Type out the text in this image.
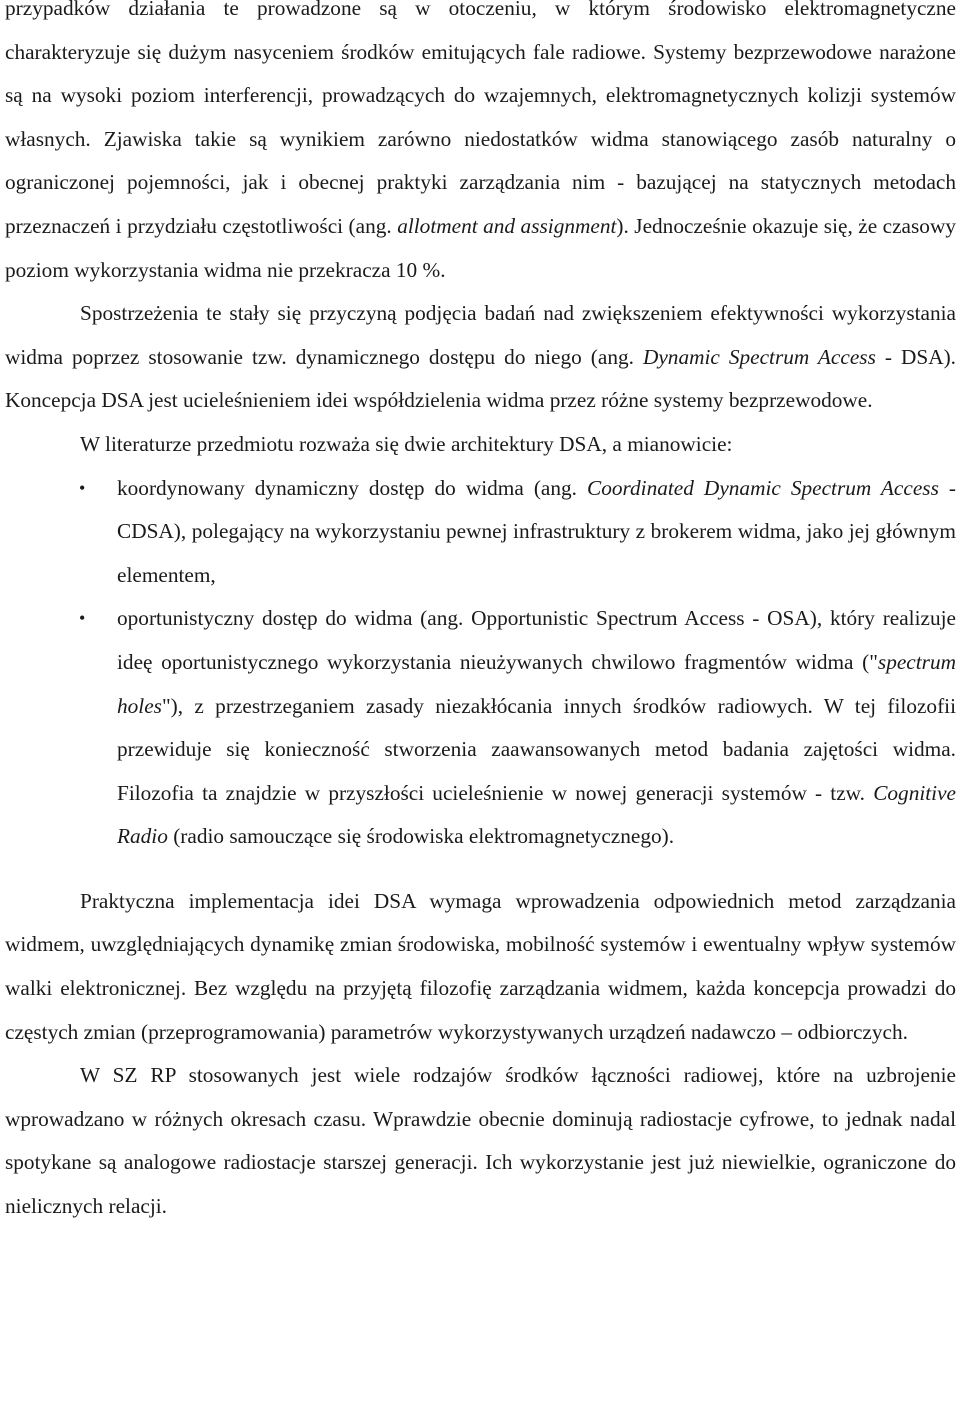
przypadków działania te prowadzone są w otoczeniu, w którym środowisko elektromagnetyczne charakteryzuje się dużym nasyceniem środków emitujących fale radiowe. Systemy bezprzewodowe narażone są na wysoki poziom interferencji, prowadzących do wzajemnych, elektromagnetycznych kolizji systemów własnych. Zjawiska takie są wynikiem zarówno niedostatków widma stanowiącego zasób naturalny o ograniczonej pojemności, jak i obecnej praktyki zarządzania nim - bazującej na statycznych metodach przeznaczeń i przydziału częstotliwości (ang. allotment and assignment). Jednocześnie okazuje się, że czasowy poziom wykorzystania widma nie przekracza 10 %.

Spostrzeżenia te stały się przyczyną podjęcia badań nad zwiększeniem efektywności wykorzystania widma poprzez stosowanie tzw. dynamicznego dostępu do niego (ang. Dynamic Spectrum Access - DSA). Koncepcja DSA jest ucieleśnieniem idei współdzielenia widma przez różne systemy bezprzewodowe.

W literaturze przedmiotu rozważa się dwie architektury DSA, a mianowicie:

• koordynowany dynamiczny dostęp do widma (ang. Coordinated Dynamic Spectrum Access - CDSA), polegający na wykorzystaniu pewnej infrastruktury z brokerem widma, jako jej głównym elementem,
• oportunistyczny dostęp do widma (ang. Opportunistic Spectrum Access - OSA), który realizuje ideę oportunistycznego wykorzystania nieużywanych chwilowo fragmentów widma ("spectrum holes"), z przestrzeganiem zasady niezakłócania innych środków radiowych. W tej filozofii przewiduje się konieczność stworzenia zaawansowanych metod badania zajętości widma. Filozofia ta znajdzie w przyszłości ucieleśnienie w nowej generacji systemów - tzw. Cognitive Radio (radio samouczące się środowiska elektromagnetycznego).

Praktyczna implementacja idei DSA wymaga wprowadzenia odpowiednich metod zarządzania widmem, uwzględniających dynamikę zmian środowiska, mobilność systemów i ewentualny wpływ systemów walki elektronicznej. Bez względu na przyjętą filozofię zarządzania widmem, każda koncepcja prowadzi do częstych zmian (przeprogramowania) parametrów wykorzystywanych urządzeń nadawczo – odbiorczych.

W SZ RP stosowanych jest wiele rodzajów środków łączności radiowej, które na uzbrojenie wprowadzano w różnych okresach czasu. Wprawdzie obecnie dominują radiostacje cyfrowe, to jednak nadal spotykane są analogowe radiostacje starszej generacji. Ich wykorzystanie jest już niewielkie, ograniczone do nielicznych relacji.
